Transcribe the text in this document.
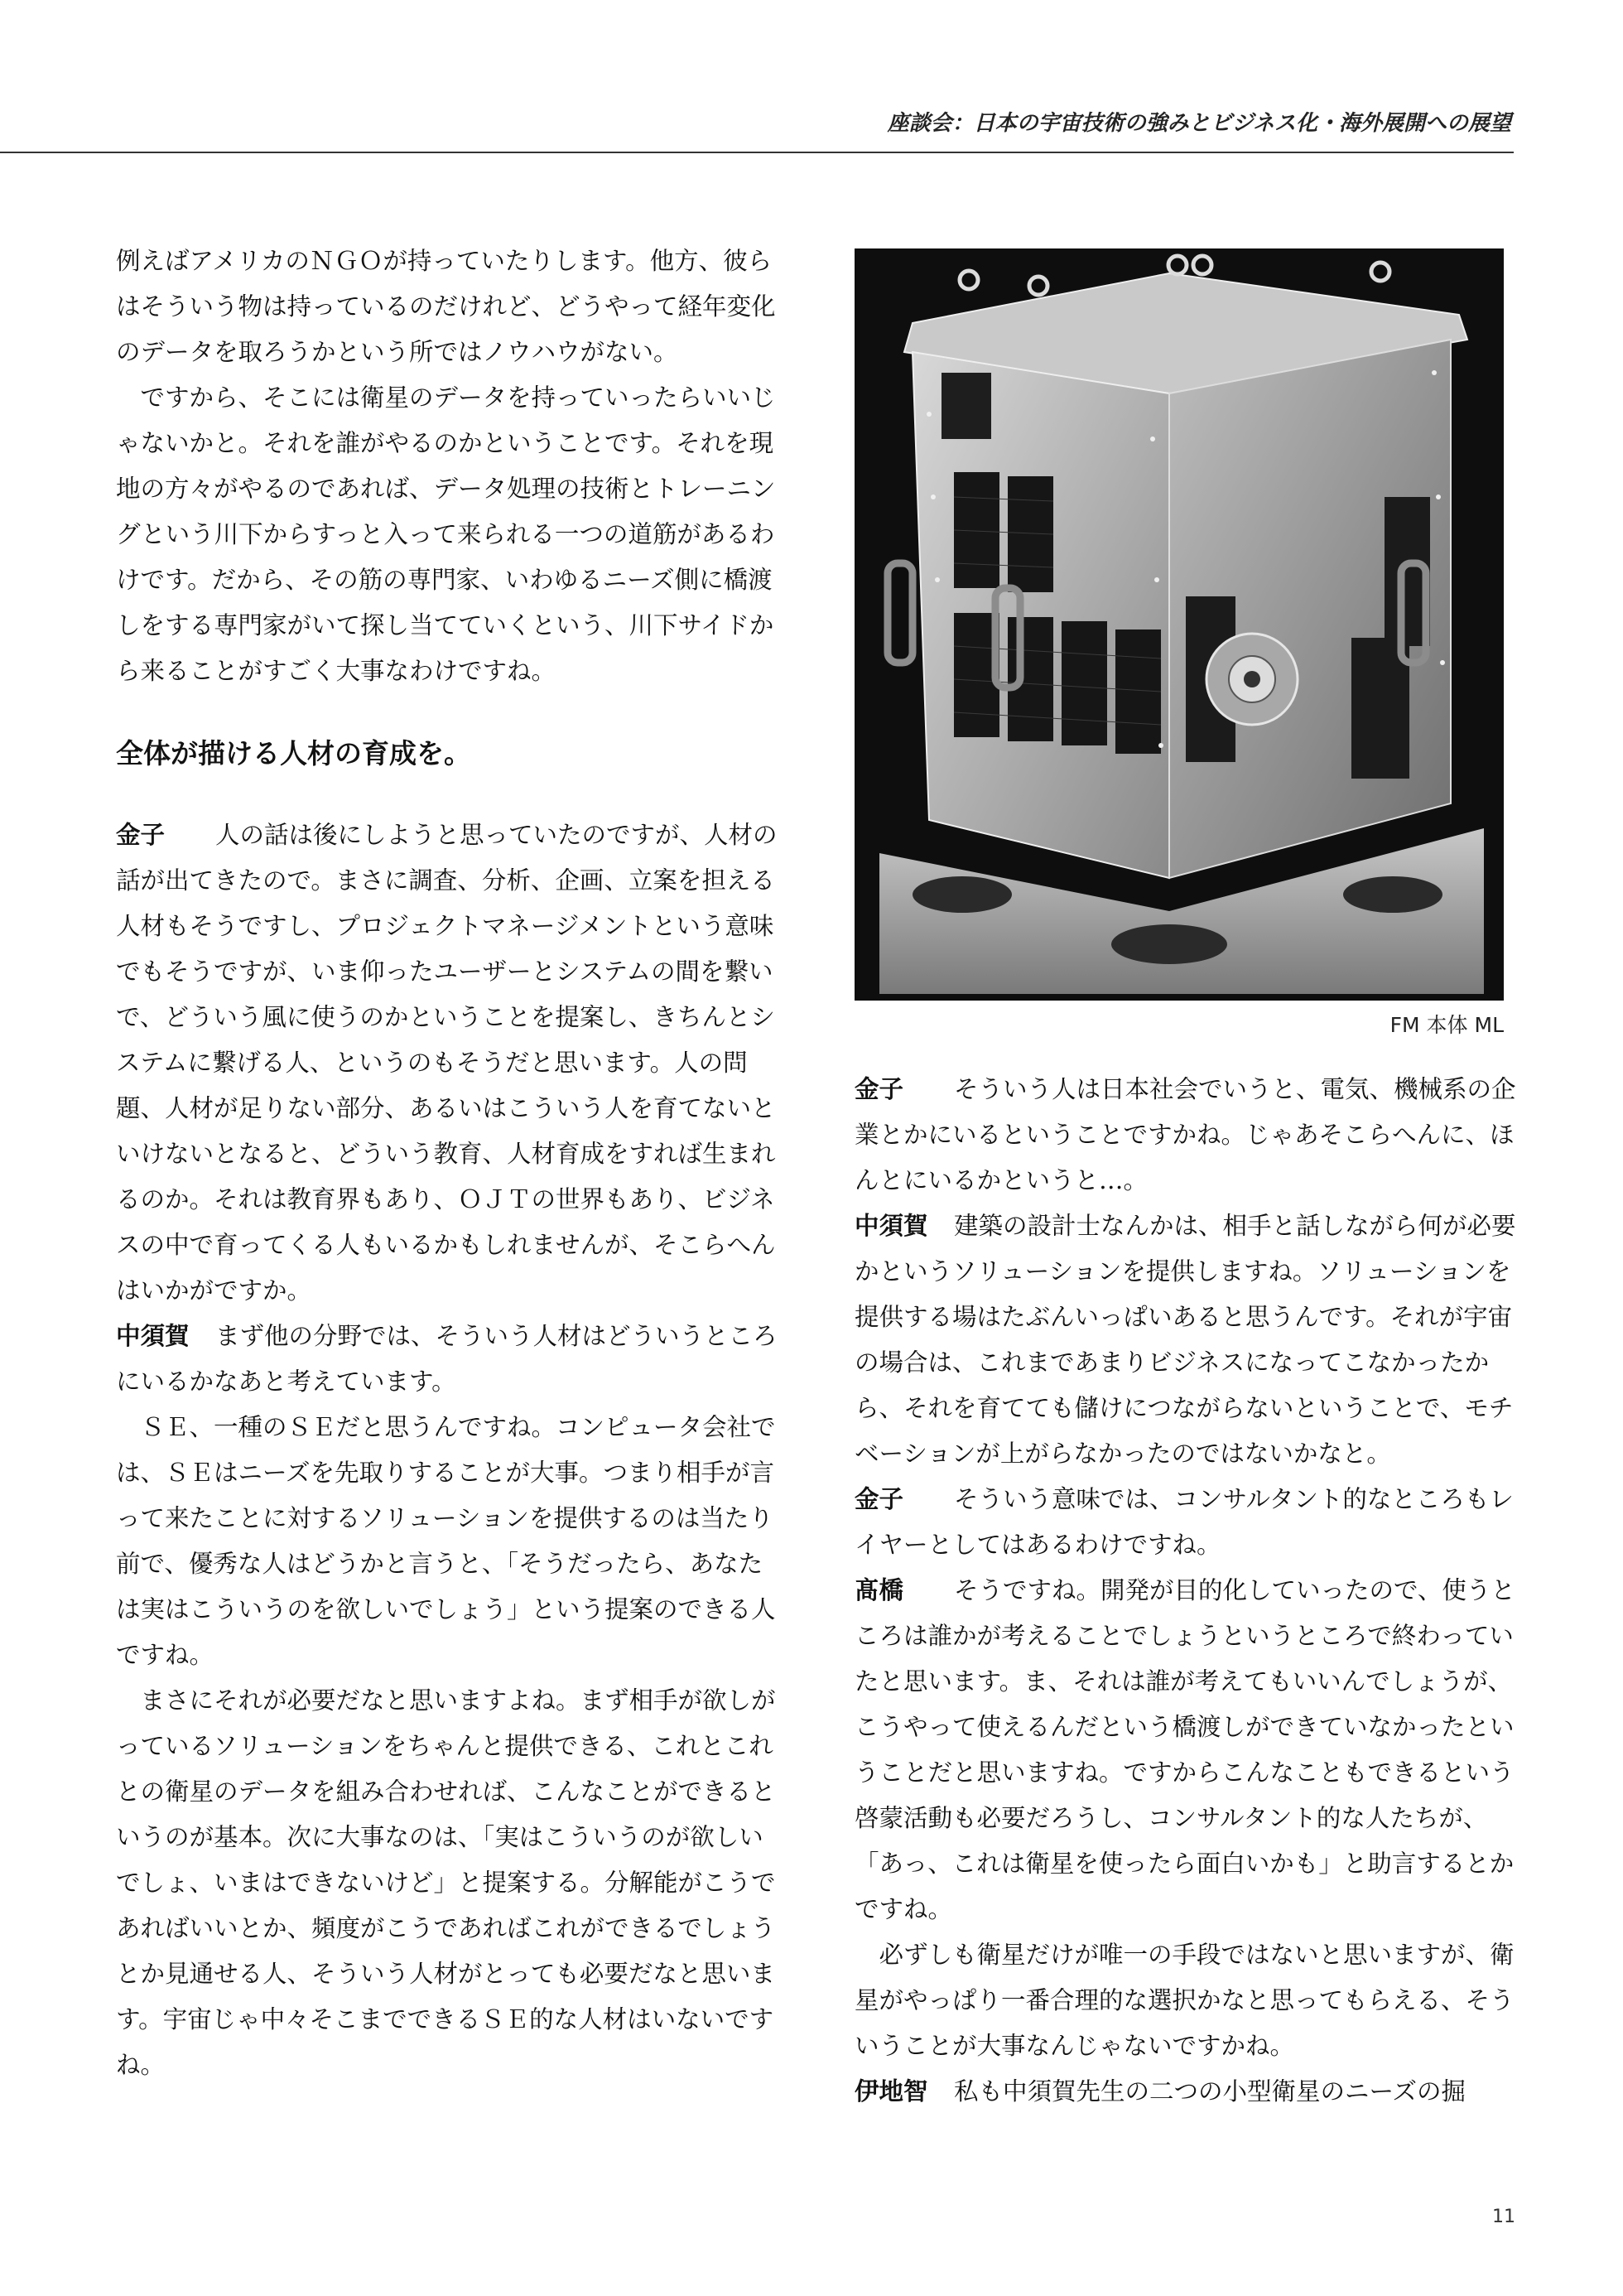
座談会：日本の宇宙技術の強みとビジネス化・海外展開への展望

例えばアメリカのＮＧＯが持っていたりします。他方、彼らはそういう物は持っているのだけれど、どうやって経年変化のデータを取ろうかという所ではノウハウがない。

ですから、そこには衛星のデータを持っていったらいいじゃないかと。それを誰がやるのかということです。それを現地の方々がやるのであれば、データ処理の技術とトレーニングという川下からすっと入って来られる一つの道筋があるわけです。だから、その筋の専門家、いわゆるニーズ側に橋渡しをする専門家がいて探し当てていくという、川下サイドから来ることがすごく大事なわけですね。

全体が描ける人材の育成を。

金子 人の話は後にしようと思っていたのですが、人材の話が出てきたので。まさに調査、分析、企画、立案を担える人材もそうですし、プロジェクトマネージメントという意味でもそうですが、いま仰ったユーザーとシステムの間を繋いで、どういう風に使うのかということを提案し、きちんとシステムに繋げる人、というのもそうだと思います。人の問題、人材が足りない部分、あるいはこういう人を育てないといけないとなると、どういう教育、人材育成をすれば生まれるのか。それは教育界もあり、ＯＪＴの世界もあり、ビジネスの中で育ってくる人もいるかもしれませんが、そこらへんはいかがですか。

中須賀 まず他の分野では、そういう人材はどういうところにいるかなあと考えています。

ＳＥ、一種のＳＥだと思うんですね。コンピュータ会社では、ＳＥはニーズを先取りすることが大事。つまり相手が言って来たことに対するソリューションを提供するのは当たり前で、優秀な人はどうかと言うと、「そうだったら、あなたは実はこういうのを欲しいでしょう」という提案のできる人ですね。

まさにそれが必要だなと思いますよね。まず相手が欲しがっているソリューションをちゃんと提供できる、これとこれとの衛星のデータを組み合わせれば、こんなことができるというのが基本。次に大事なのは、「実はこういうのが欲しいでしょ、いまはできないけど」と提案する。分解能がこうであればいいとか、頻度がこうであればこれができるでしょうとか見通せる人、そういう人材がとっても必要だなと思います。宇宙じゃ中々そこまでできるＳＥ的な人材はいないですね。

FM 本体 ML

金子 そういう人は日本社会でいうと、電気、機械系の企業とかにいるということですかね。じゃあそこらへんに、ほんとにいるかというと…。

中須賀 建築の設計士なんかは、相手と話しながら何が必要かというソリューションを提供しますね。ソリューションを提供する場はたぶんいっぱいあると思うんです。それが宇宙の場合は、これまであまりビジネスになってこなかったから、それを育てても儲けにつながらないということで、モチベーションが上がらなかったのではないかなと。

金子 そういう意味では、コンサルタント的なところもレイヤーとしてはあるわけですね。

髙橋 そうですね。開発が目的化していったので、使うところは誰かが考えることでしょうというところで終わっていたと思います。ま、それは誰が考えてもいいんでしょうが、こうやって使えるんだという橋渡しができていなかったということだと思いますね。ですからこんなこともできるという啓蒙活動も必要だろうし、コンサルタント的な人たちが、「あっ、これは衛星を使ったら面白いかも」と助言するとかですね。

必ずしも衛星だけが唯一の手段ではないと思いますが、衛星がやっぱり一番合理的な選択かなと思ってもらえる、そういうことが大事なんじゃないですかね。

伊地智 私も中須賀先生の二つの小型衛星のニーズの掘

11
